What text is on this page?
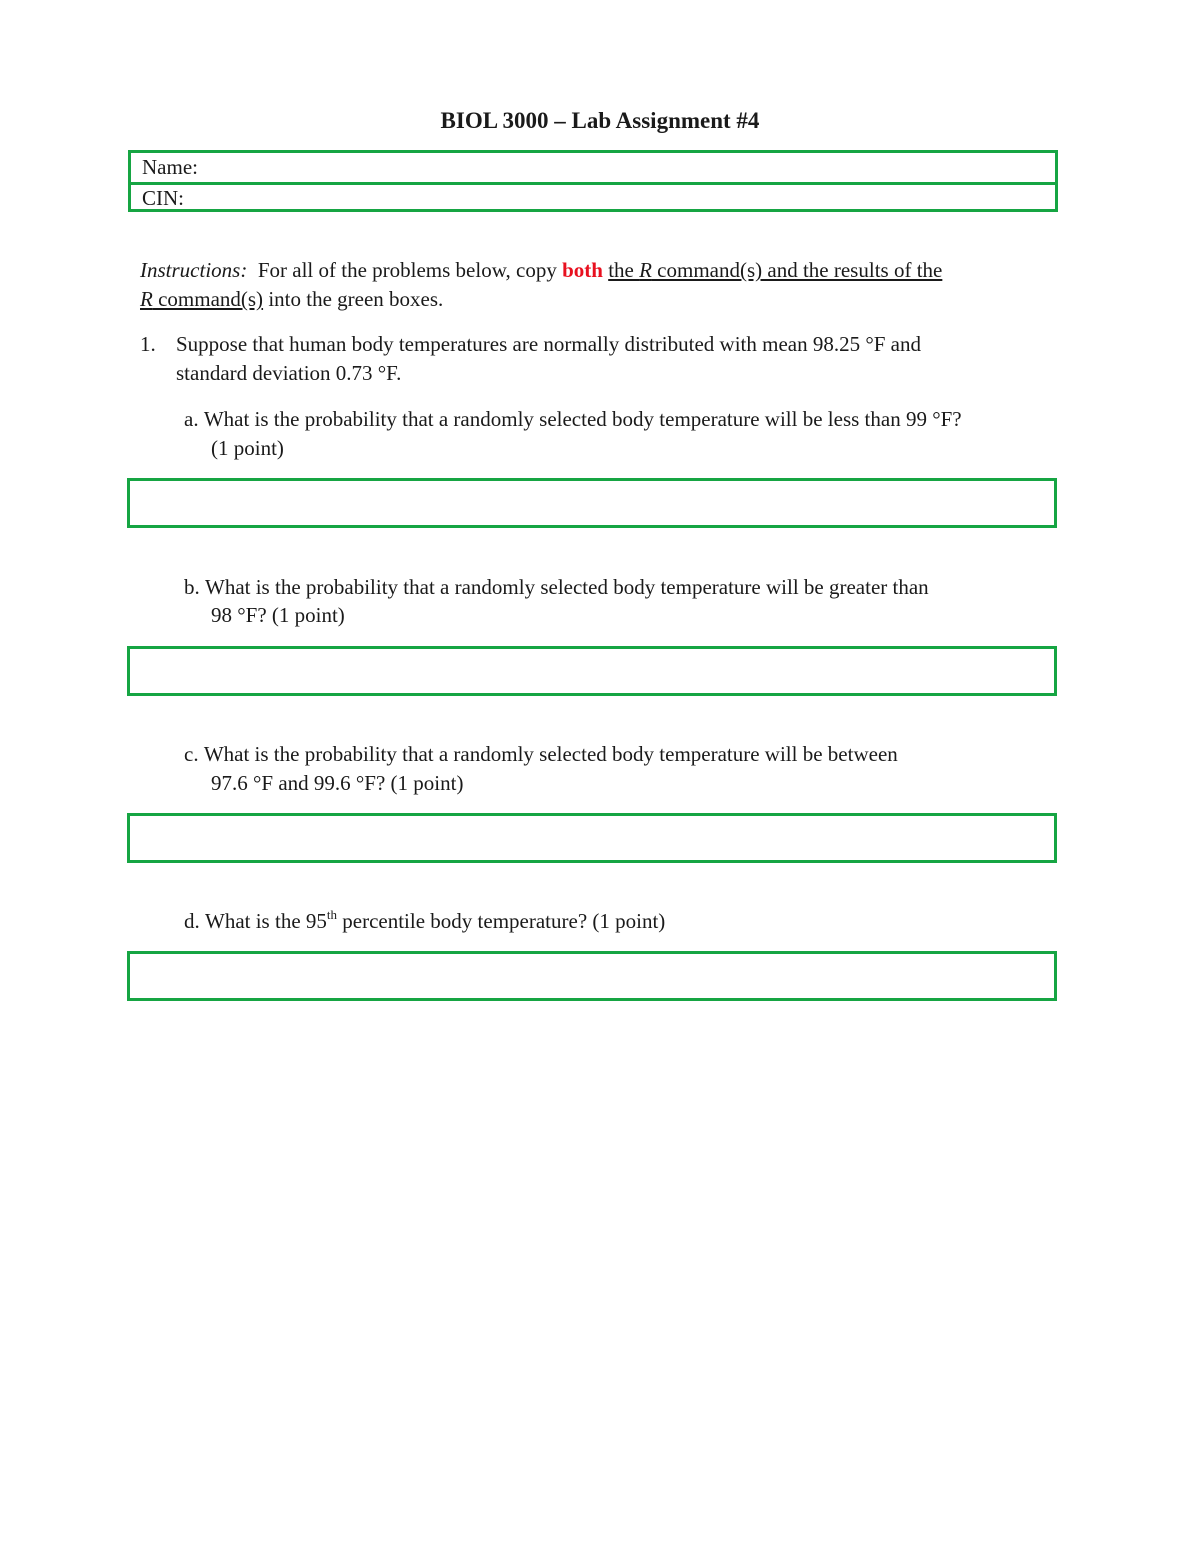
BIOL 3000 – Lab Assignment #4
Name:
CIN:
Instructions: For all of the problems below, copy both the R command(s) and the results of the
R command(s) into the green boxes.
1. Suppose that human body temperatures are normally distributed with mean 98.25 °F and
standard deviation 0.73 °F.
a. What is the probability that a randomly selected body temperature will be less than 99 °F?
(1 point)
b. What is the probability that a randomly selected body temperature will be greater than
98 °F? (1 point)
c. What is the probability that a randomly selected body temperature will be between
97.6 °F and 99.6 °F? (1 point)
d. What is the 95th percentile body temperature? (1 point)
